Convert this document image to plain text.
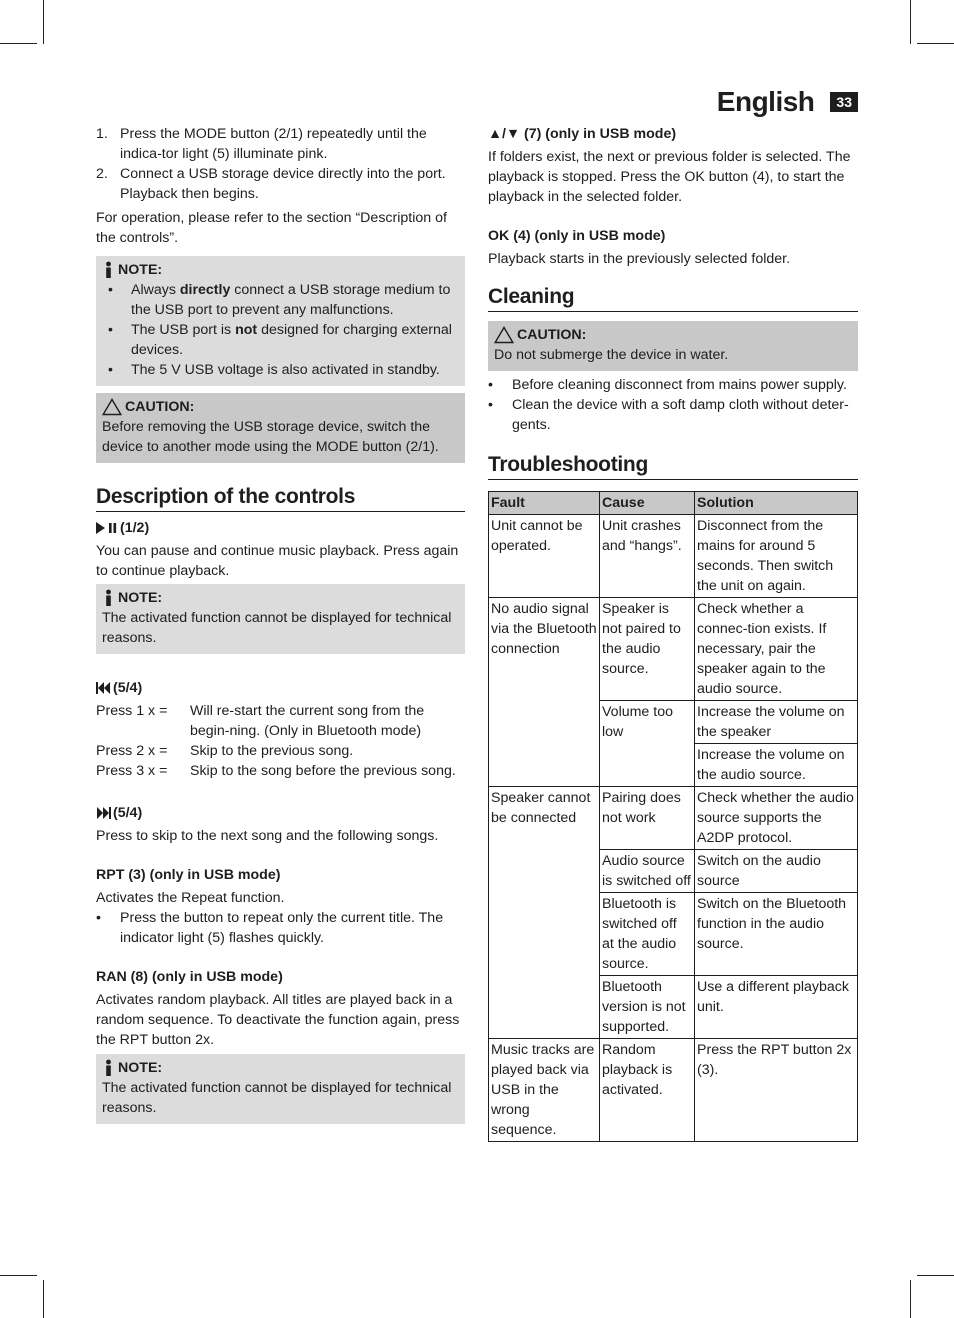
English	33
1. Press the MODE button (2/1) repeatedly until the indica-tor light (5) illuminate pink.
2. Connect a USB storage device directly into the port. Playback then begins.

For operation, please refer to the section “Description of the controls”.

NOTE:
•	Always directly connect a USB storage medium to the USB port to prevent any malfunctions.
•	The USB port is not designed for charging external devices.
•	The 5 V USB voltage is also activated in standby.
CAUTION:

Before removing the USB storage device, switch the device to another mode using the MODE button (2/1).

Description of the controls
(1/2)

You can pause and continue music playback. Press again to continue playback.

NOTE:

The activated function cannot be displayed for technical reasons.

(5/4)
Press 1 x =	Will re-start the current song from the begin-ning. (Only in Bluetooth mode)
Press 2 x =	Skip to the previous song.
Press 3 x =	Skip to the song before the previous song.
(5/4)

Press to skip to the next song and the following songs.

RPT (3) (only in USB mode)

Activates the Repeat function.

•	Press the button to repeat only the current title. The indicator light (5) flashes quickly.
RAN (8) (only in USB mode)

Activates random playback. All titles are played back in a random sequence. To deactivate the function again, press the RPT button 2x.

NOTE:

The activated function cannot be displayed for technical reasons.

▲/▼ (7) (only in USB mode)

If folders exist, the next or previous folder is selected. The playback is stopped. Press the OK button (4), to start the playback in the selected folder.

OK (4) (only in USB mode)

Playback starts in the previously selected folder.

Cleaning
CAUTION:

Do not submerge the device in water.

•	Before cleaning disconnect from mains power supply.
•	Clean the device with a soft damp cloth without deter-gents.
Troubleshooting
Fault	Cause	Solution
Unit cannot be operated.	Unit crashes and “hangs”.	Disconnect from the mains for around 5 seconds. Then switch the unit on again.
No audio signal via the Bluetooth connection	Speaker is not paired to the audio source.	Check whether a connec-tion exists. If necessary, pair the speaker again to the audio source.
	Volume too low	Increase the volume on the speaker
		Increase the volume on the audio source.
Speaker cannot be connected	Pairing does not work	Check whether the audio source supports the A2DP protocol.
	Audio source is switched off	Switch on the audio source
	Bluetooth is switched off at the audio source.	Switch on the Bluetooth function in the audio source.
	Bluetooth version is not supported.	Use a different playback unit.
Music tracks are played back via USB in the wrong sequence.	Random playback is activated.	Press the RPT button 2x (3).
